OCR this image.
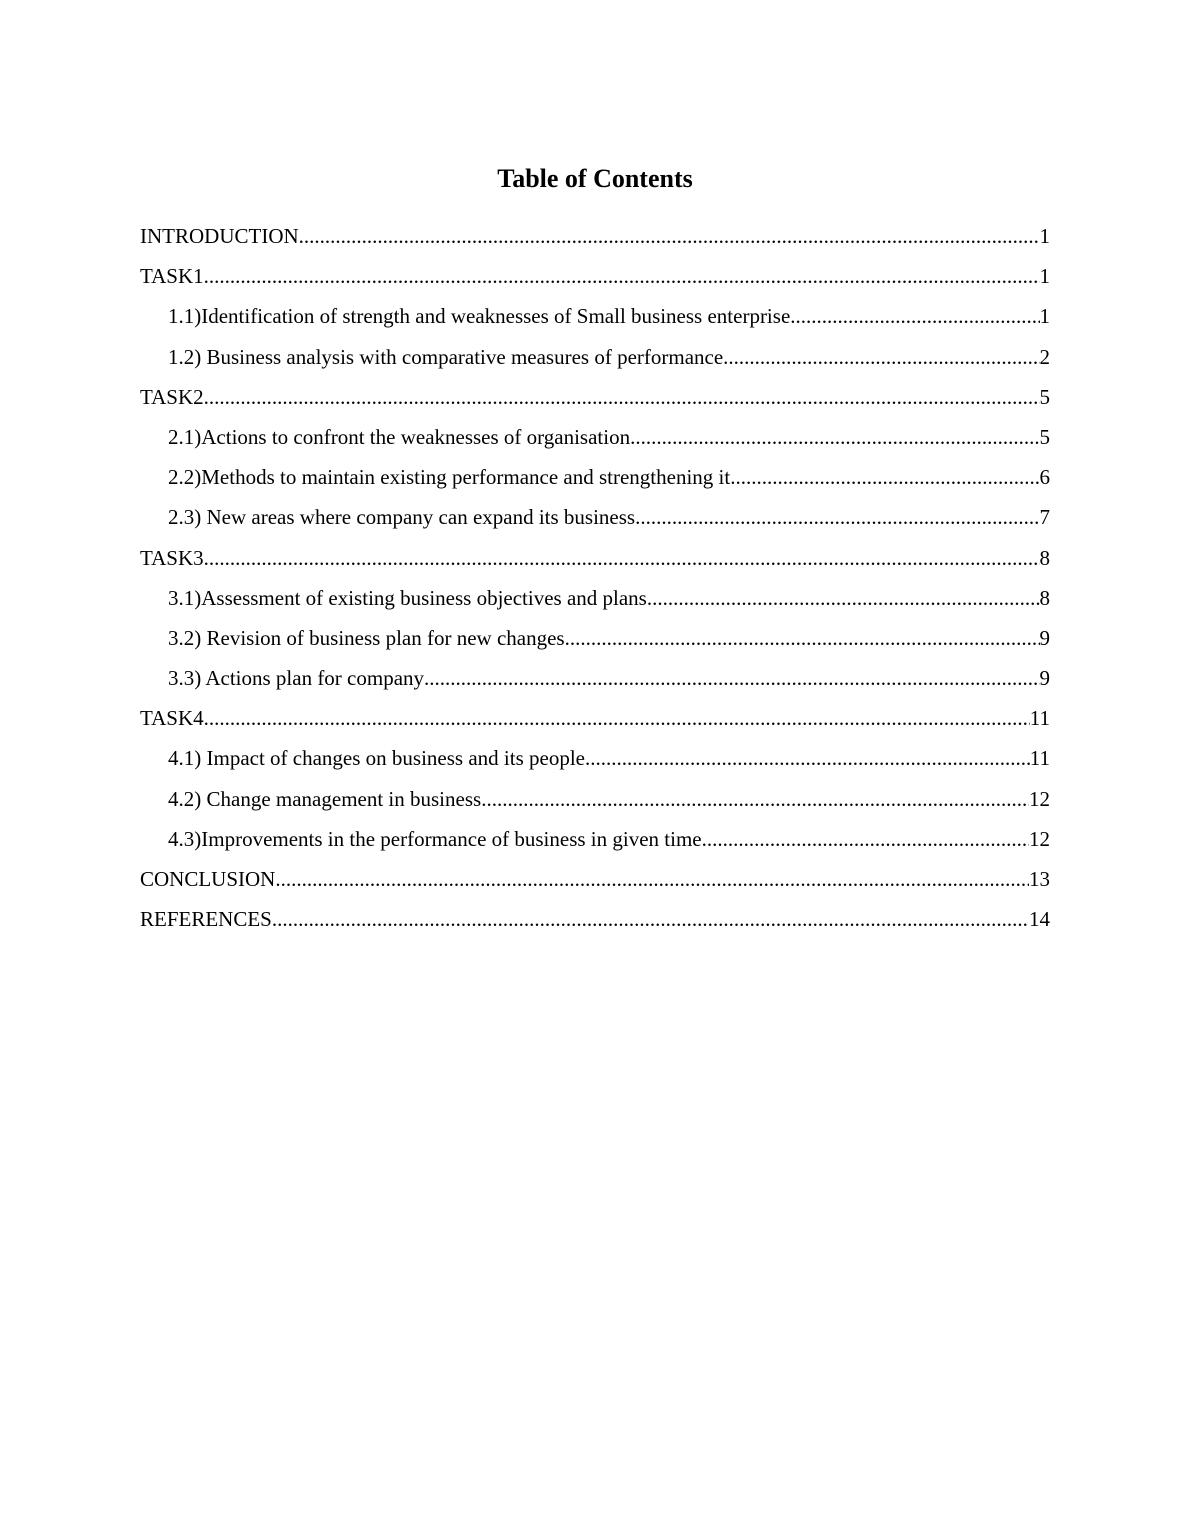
Table of Contents
INTRODUCTION .....	1
TASK1 .....	1
1.1)Identification of strength and weaknesses of Small business enterprise .....	1
1.2) Business analysis with comparative measures of performance .....	2
TASK2 .....	5
2.1)Actions to confront the weaknesses of organisation .....	5
2.2)Methods to maintain existing performance and strengthening it .....	6
2.3) New areas where company can expand its business .....	7
TASK3 .....	8
3.1)Assessment of existing business objectives and plans .....	8
3.2) Revision of business plan for new changes .....	9
3.3) Actions plan for company .....	9
TASK4 .....	11
4.1) Impact of changes on business and its people .....	11
4.2) Change management in business .....	12
4.3)Improvements in the performance of business in given time .....	12
CONCLUSION .....	13
REFERENCES .....	14
